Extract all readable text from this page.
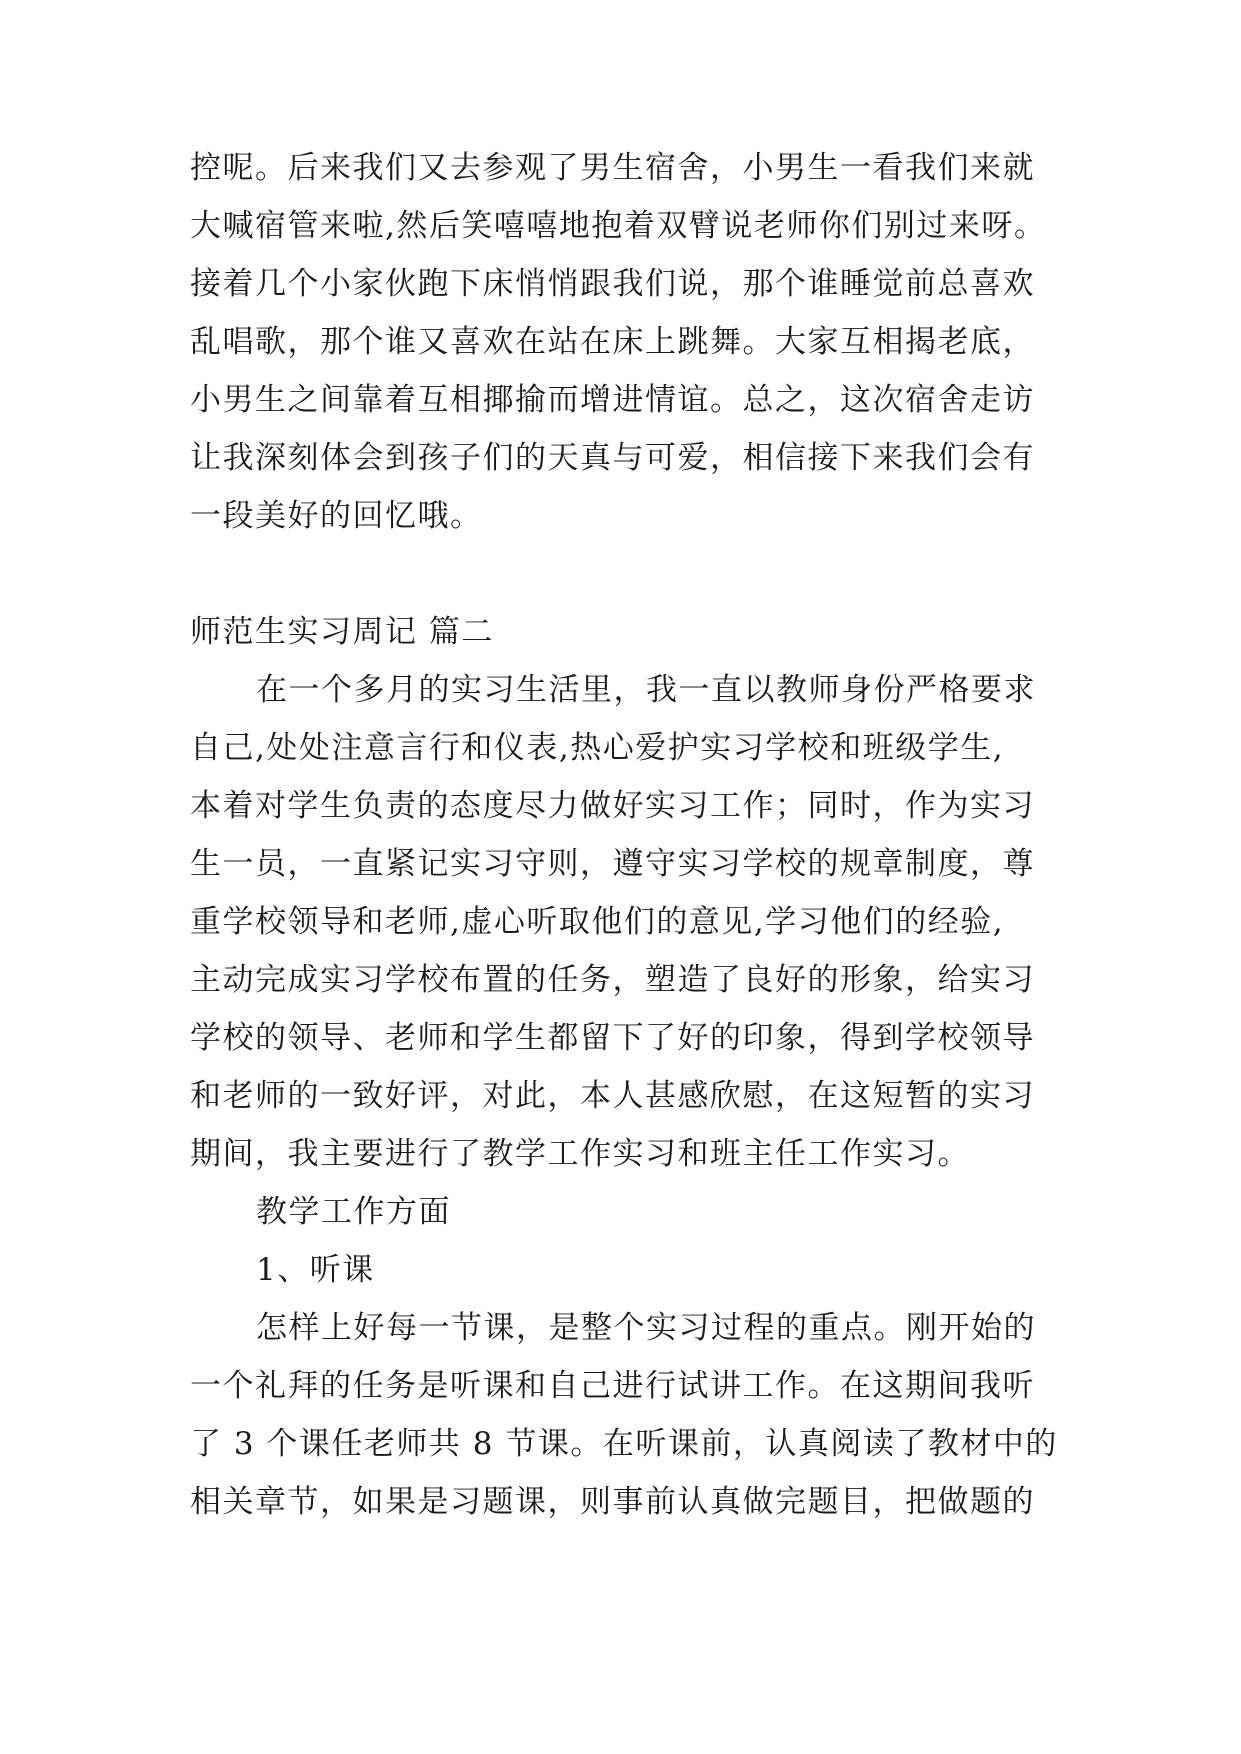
控呢。后来我们又去参观了男生宿舍，小男生一看我们来就
大喊宿管来啦,然后笑嘻嘻地抱着双臂说老师你们别过来呀。
接着几个小家伙跑下床悄悄跟我们说，那个谁睡觉前总喜欢
乱唱歌，那个谁又喜欢在站在床上跳舞。大家互相揭老底，
小男生之间靠着互相揶揄而增进情谊。总之，这次宿舍走访
让我深刻体会到孩子们的天真与可爱，相信接下来我们会有
一段美好的回忆哦。
师范生实习周记 篇二
在一个多月的实习生活里，我一直以教师身份严格要求
自己,处处注意言行和仪表,热心爱护实习学校和班级学生,
本着对学生负责的态度尽力做好实习工作；同时，作为实习
生一员，一直紧记实习守则，遵守实习学校的规章制度，尊
重学校领导和老师,虚心听取他们的意见,学习他们的经验,
主动完成实习学校布置的任务，塑造了良好的形象，给实习
学校的领导、老师和学生都留下了好的印象，得到学校领导
和老师的一致好评，对此，本人甚感欣慰，在这短暂的实习
期间，我主要进行了教学工作实习和班主任工作实习。
教学工作方面
1、听课
怎样上好每一节课，是整个实习过程的重点。刚开始的
一个礼拜的任务是听课和自己进行试讲工作。在这期间我听
了 3 个课任老师共 8 节课。在听课前，认真阅读了教材中的
相关章节，如果是习题课，则事前认真做完题目，把做题的
